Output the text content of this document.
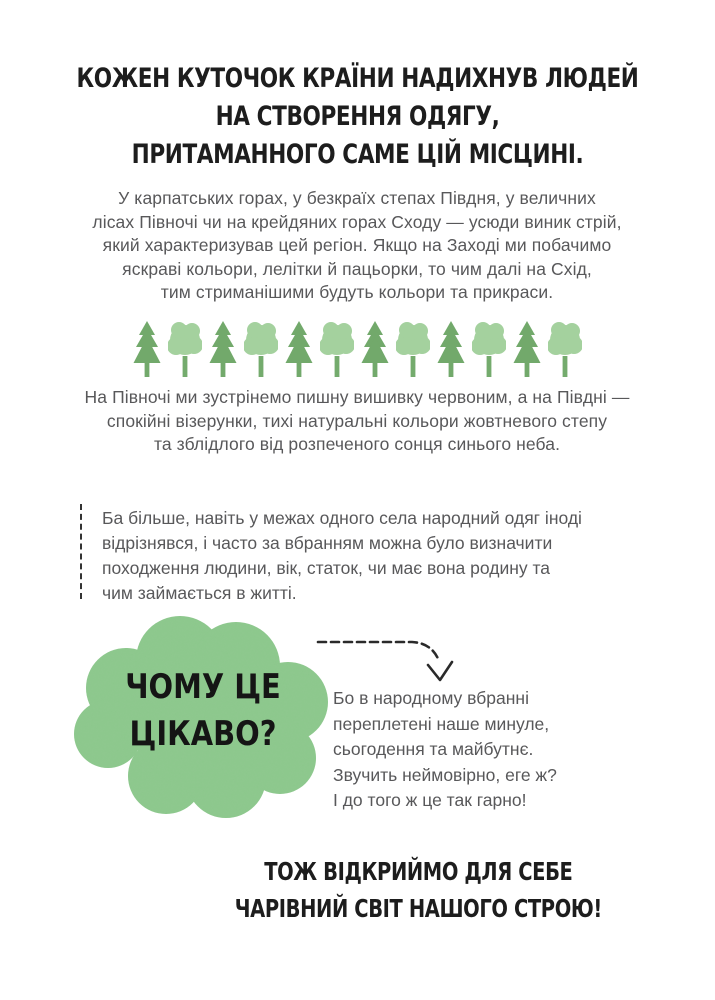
КОЖЕН КУТОЧОК КРАЇНИ НАДИХНУВ ЛЮДЕЙ
НА СТВОРЕННЯ ОДЯГУ,
ПРИТАМАННОГО САМЕ ЦІЙ МІСЦИНІ.
У карпатських горах, у безкраїх степах Півдня, у величних
лісах Півночі чи на крейдяних горах Сходу — усюди виник стрій,
який характеризував цей регіон. Якщо на Заході ми побачимо
яскраві кольори, лелітки й пацьорки, то чим далі на Схід,
тим стриманішими будуть кольори та прикраси.
На Півночі ми зустрінемо пишну вишивку червоним, а на Півдні —
спокійні візерунки, тихі натуральні кольори жовтневого степу
та зблідлого від розпеченого сонця синього неба.
Ба більше, навіть у межах одного села народний одяг іноді
відрізнявся, і часто за вбранням можна було визначити
походження людини, вік, статок, чи має вона родину та
чим займається в житті.
ЧОМУ ЦЕ
ЦІКАВО?
Бо в народному вбранні
переплетені наше минуле,
сьогодення та майбутнє.
Звучить неймовірно, еге ж?
І до того ж це так гарно!
ТОЖ ВІДКРИЙМО ДЛЯ СЕБЕ
ЧАРІВНИЙ СВІТ НАШОГО СТРОЮ!
